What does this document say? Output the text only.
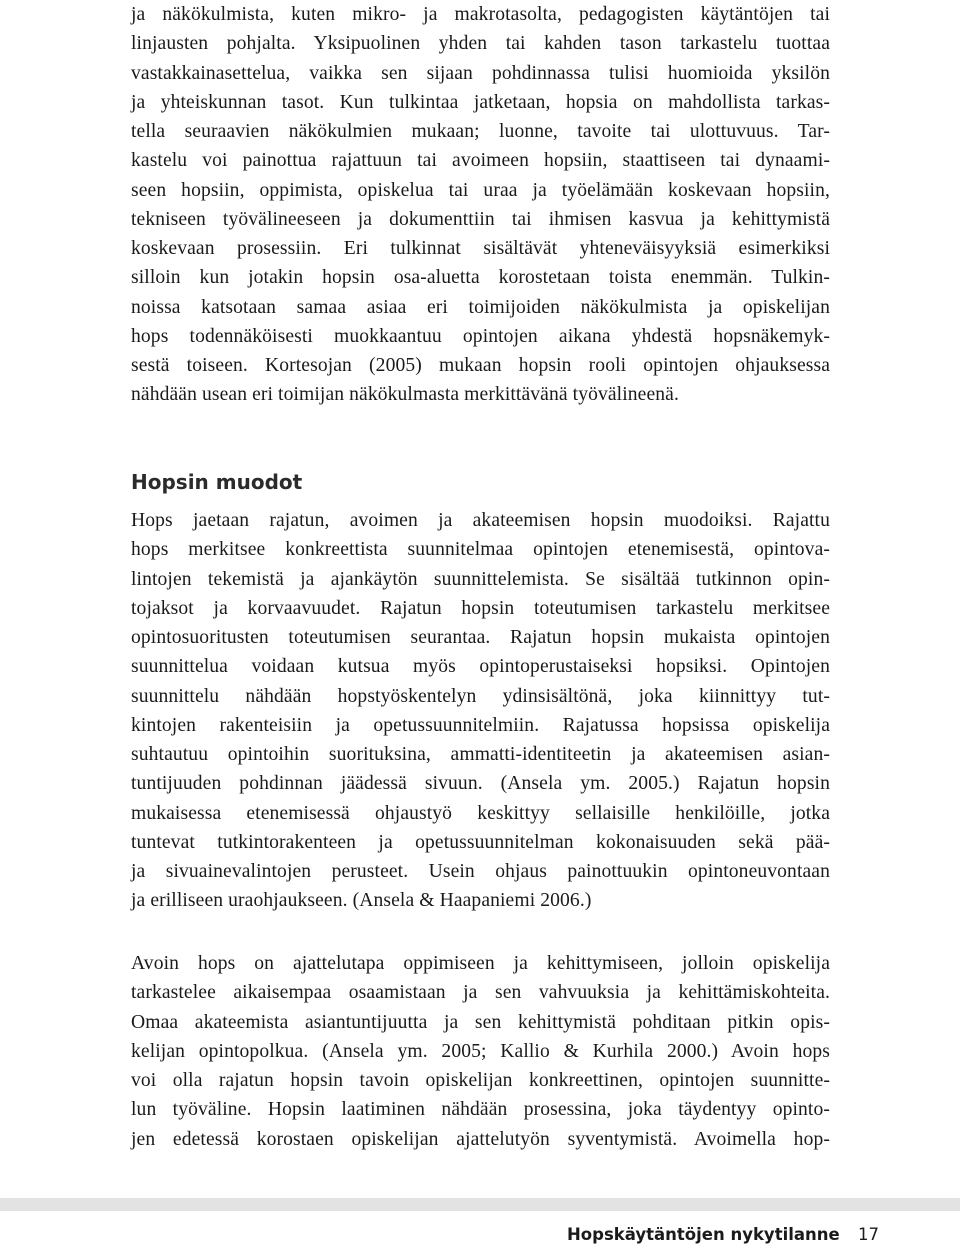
ja näkökulmista, kuten mikro- ja makrotasolta, pedagogisten käytäntöjen tai
linjausten pohjalta. Yksipuolinen yhden tai kahden tason tarkastelu tuottaa
vastakkainasettelua, vaikka sen sijaan pohdinnassa tulisi huomioida yksilön
ja yhteiskunnan tasot. Kun tulkintaa jatketaan, hopsia on mahdollista tarkas-
tella seuraavien näkökulmien mukaan; luonne, tavoite tai ulottuvuus. Tar-
kastelu voi painottua rajattuun tai avoimeen hopsiin, staattiseen tai dynaami-
seen hopsiin, oppimista, opiskelua tai uraa ja työelämään koskevaan hopsiin,
tekniseen työvälineeseen ja dokumenttiin tai ihmisen kasvua ja kehittymistä
koskevaan prosessiin. Eri tulkinnat sisältävät yhteneväisyyksiä esimerkiksi
silloin kun jotakin hopsin osa-aluetta korostetaan toista enemmän. Tulkin-
noissa katsotaan samaa asiaa eri toimijoiden näkökulmista ja opiskelijan
hops todennäköisesti muokkaantuu opintojen aikana yhdestä hopsnäkemyk-
sestä toiseen. Kortesojan (2005) mukaan hopsin rooli opintojen ohjauksessa
nähdään usean eri toimijan näkökulmasta merkittävänä työvälineenä.
Hopsin muodot
Hops jaetaan rajatun, avoimen ja akateemisen hopsin muodoiksi. Rajattu
hops merkitsee konkreettista suunnitelmaa opintojen etenemisestä, opintova-
lintojen tekemistä ja ajankäytön suunnittelemista. Se sisältää tutkinnon opin-
tojaksot ja korvaavuudet. Rajatun hopsin toteutumisen tarkastelu merkitsee
opintosuoritusten toteutumisen seurantaa. Rajatun hopsin mukaista opintojen
suunnittelua voidaan kutsua myös opintoperustaiseksi hopsiksi. Opintojen
suunnittelu nähdään hopstyöskentelyn ydinsisältönä, joka kiinnittyy tut-
kintojen rakenteisiin ja opetussuunnitelmiin. Rajatussa hopsissa opiskelija
suhtautuu opintoihin suorituksina, ammatti-identiteetin ja akateemisen asian-
tuntijuuden pohdinnan jäädessä sivuun. (Ansela ym. 2005.) Rajatun hopsin
mukaisessa etenemisessä ohjaustyö keskittyy sellaisille henkilöille, jotka
tuntevat tutkintorakenteen ja opetussuunnitelman kokonaisuuden sekä pää-
ja sivuainevalintojen perusteet. Usein ohjaus painottuukin opintoneuvontaan
ja erilliseen uraohjaukseen. (Ansela & Haapaniemi 2006.)
Avoin hops on ajattelutapa oppimiseen ja kehittymiseen, jolloin opiskelija
tarkastelee aikaisempaa osaamistaan ja sen vahvuuksia ja kehittämiskohteita.
Omaa akateemista asiantuntijuutta ja sen kehittymistä pohditaan pitkin opis-
kelijan opintopolkua. (Ansela ym. 2005; Kallio & Kurhila 2000.) Avoin hops
voi olla rajatun hopsin tavoin opiskelijan konkreettinen, opintojen suunnitte-
lun työväline. Hopsin laatiminen nähdään prosessina, joka täydentyy opinto-
jen edetessä korostaen opiskelijan ajattelutyön syventymistä. Avoimella hop-
Hopskäytäntöjen nykytilanne 17
